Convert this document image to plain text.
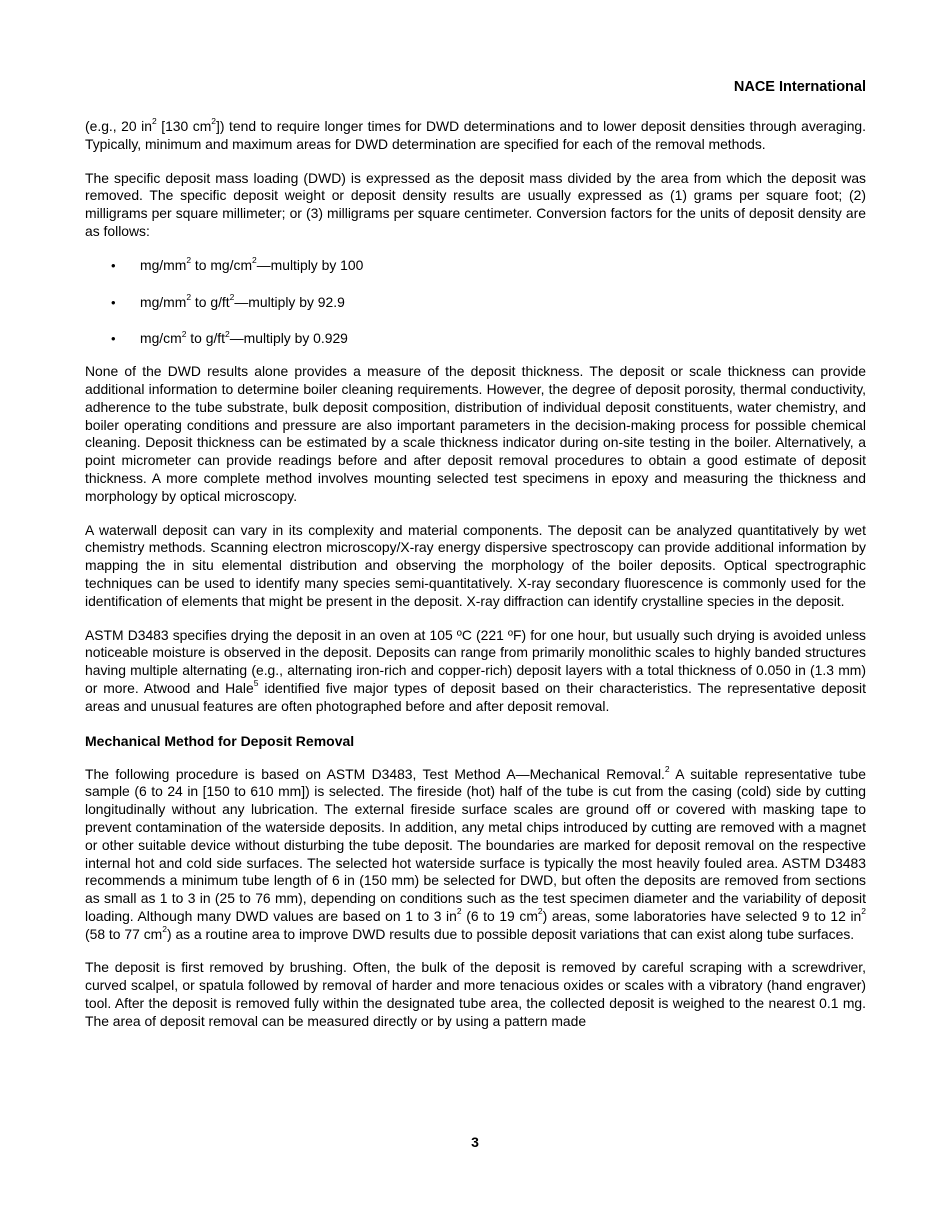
NACE International

(e.g., 20 $in^2$ [130 $cm^2$]) tend to require longer times for DWD determinations and to lower deposit densities through averaging. Typically, minimum and maximum areas for DWD determination are specified for each of the removal methods.

The specific deposit mass loading (DWD) is expressed as the deposit mass divided by the area from which the deposit was removed. The specific deposit weight or deposit density results are usually expressed as (1) grams per square foot; (2) milligrams per square millimeter; or (3) milligrams per square centimeter. Conversion factors for the units of deposit density are as follows:

• $mg/mm^2$ to $mg/cm^2—multiply$ by 100
• $mg/mm^2$ to $g/ft^2—multiply$ by 92.9
• $mg/cm^2$ to $g/ft^2—multiply$ by 0.929

None of the DWD results alone provides a measure of the deposit thickness. The deposit or scale thickness can provide additional information to determine boiler cleaning requirements. However, the degree of deposit porosity, thermal conductivity, adherence to the tube substrate, bulk deposit composition, distribution of individual deposit constituents, water chemistry, and boiler operating conditions and pressure are also important parameters in the decision-making process for possible chemical cleaning. Deposit thickness can be estimated by a scale thickness indicator during on-site testing in the boiler. Alternatively, a point micrometer can provide readings before and after deposit removal procedures to obtain a good estimate of deposit thickness. A more complete method involves mounting selected test specimens in epoxy and measuring the thickness and morphology by optical microscopy.

A waterwall deposit can vary in its complexity and material components. The deposit can be analyzed quantitatively by wet chemistry methods. Scanning electron microscopy/X-ray energy dispersive spectroscopy can provide additional information by mapping the in situ elemental distribution and observing the morphology of the boiler deposits. Optical spectrographic techniques can be used to identify many species semi-quantitatively. X-ray secondary fluorescence is commonly used for the identification of elements that might be present in the deposit. X-ray diffraction can identify crystalline species in the deposit.

ASTM D3483 specifies drying the deposit in an oven at 105 ºC (221 ºF) for one hour, but usually such drying is avoided unless noticeable moisture is observed in the deposit. Deposits can range from primarily monolithic scales to highly banded structures having multiple alternating (e.g., alternating iron-rich and copper-rich) deposit layers with a total thickness of 0.050 in (1.3 mm) or more. Atwood and Hale$^5$ identified five major types of deposit based on their characteristics. The representative deposit areas and unusual features are often photographed before and after deposit removal.

Mechanical Method for Deposit Removal

The following procedure is based on ASTM D3483, Test Method A—Mechanical Removal.$^2$ A suitable representative tube sample (6 to 24 in [150 to 610 mm]) is selected. The fireside (hot) half of the tube is cut from the casing (cold) side by cutting longitudinally without any lubrication. The external fireside surface scales are ground off or covered with masking tape to prevent contamination of the waterside deposits. In addition, any metal chips introduced by cutting are removed with a magnet or other suitable device without disturbing the tube deposit. The boundaries are marked for deposit removal on the respective internal hot and cold side surfaces. The selected hot waterside surface is typically the most heavily fouled area. ASTM D3483 recommends a minimum tube length of 6 in (150 mm) be selected for DWD, but often the deposits are removed from sections as small as 1 to 3 in (25 to 76 mm), depending on conditions such as the test specimen diameter and the variability of deposit loading. Although many DWD values are based on 1 to 3 $in^2$ (6 to 19 $cm^2$) areas, some laboratories have selected 9 to 12 $in^2$ (58 to 77 $cm^2$) as a routine area to improve DWD results due to possible deposit variations that can exist along tube surfaces.

The deposit is first removed by brushing. Often, the bulk of the deposit is removed by careful scraping with a screwdriver, curved scalpel, or spatula followed by removal of harder and more tenacious oxides or scales with a vibratory (hand engraver) tool. After the deposit is removed fully within the designated tube area, the collected deposit is weighed to the nearest 0.1 mg. The area of deposit removal can be measured directly or by using a pattern made

3
